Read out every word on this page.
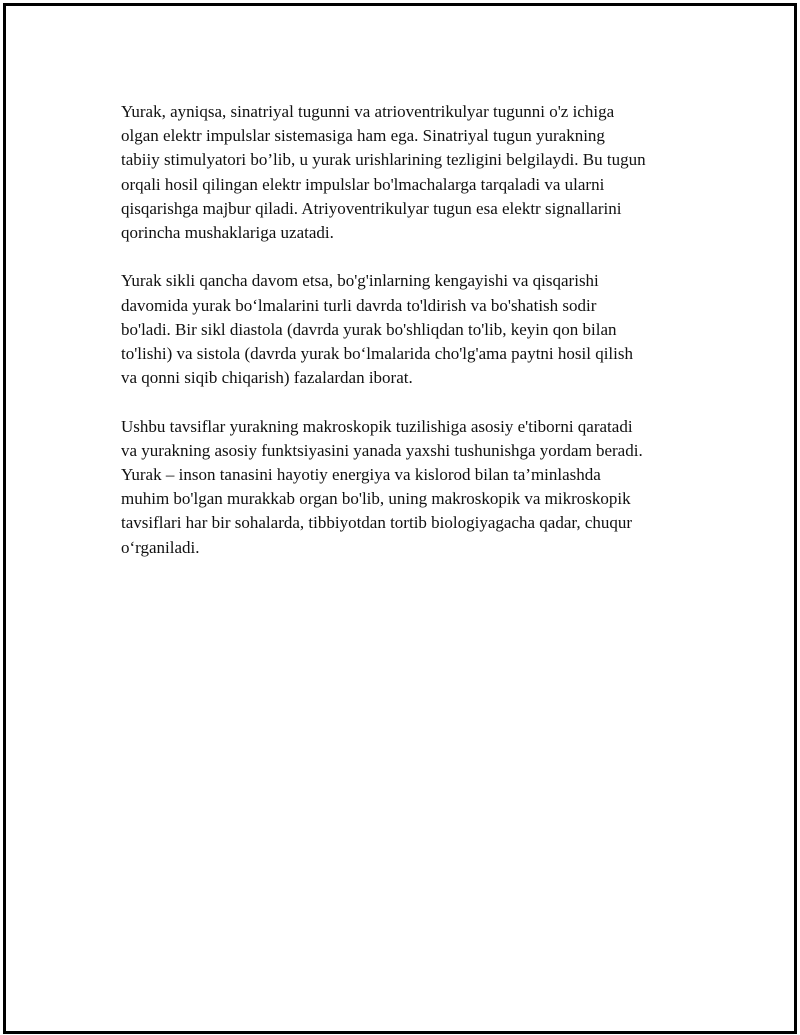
Yurak, ayniqsa, sinatriyal tugunni va atrioventrikulyar tugunni o'z ichiga
olgan elektr impulslar sistemasiga ham ega. Sinatriyal tugun yurakning
tabiiy stimulyatori bo’lib, u yurak urishlarining tezligini belgilaydi. Bu tugun
orqali hosil qilingan elektr impulslar bo'lmachalarga tarqaladi va ularni
qisqarishga majbur qiladi. Atriyoventrikulyar tugun esa elektr signallarini
qorincha mushaklariga uzatadi.

Yurak sikli qancha davom etsa, bo'g'inlarning kengayishi va qisqarishi
davomida yurak bo‘lmalarini turli davrda to'ldirish va bo'shatish sodir
bo'ladi. Bir sikl diastola (davrda yurak bo'shliqdan to'lib, keyin qon bilan
to'lishi) va sistola (davrda yurak bo‘lmalarida cho'lg'ama paytni hosil qilish
va qonni siqib chiqarish) fazalardan iborat.

Ushbu tavsiflar yurakning makroskopik tuzilishiga asosiy e'tiborni qaratadi
va yurakning asosiy funktsiyasini yanada yaxshi tushunishga yordam beradi.
Yurak – inson tanasini hayotiy energiya va kislorod bilan ta’minlashda
muhim bo'lgan murakkab organ bo'lib, uning makroskopik va mikroskopik
tavsiflari har bir sohalarda, tibbiyotdan tortib biologiyagacha qadar, chuqur
o‘rganiladi.
